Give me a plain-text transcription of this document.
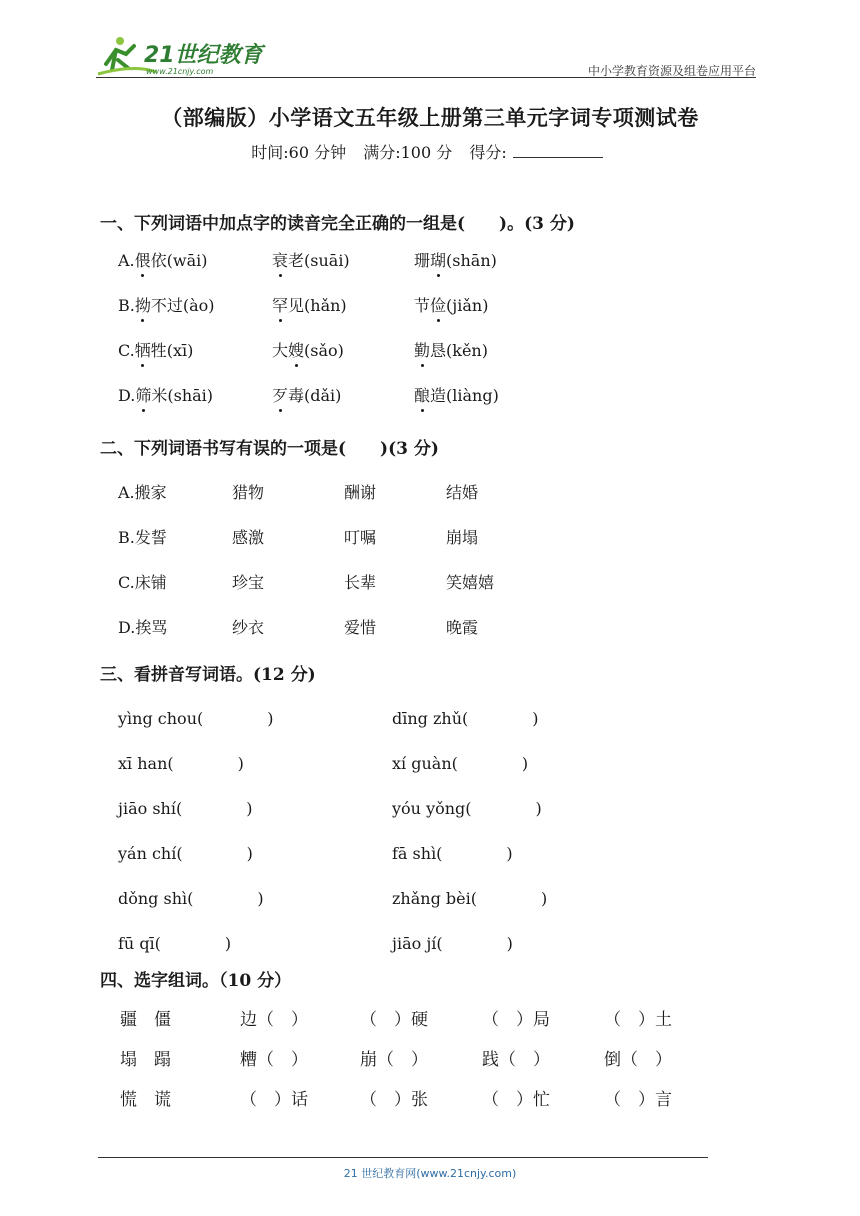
21世纪教育
www.21cnjy.com	中小学教育资源及组卷应用平台
（部编版）小学语文五年级上册第三单元字词专项测试卷
时间:60 分钟 满分:100 分 得分:
一、下列词语中加点字的读音完全正确的一组是(　　)。(3 分)
A.偎依(wāi)	衰老(suāi)	珊瑚(shān)
B.拗不过(ào)	罕见(hǎn)	节俭(jiǎn)
C.牺牲(xī)	大嫂(sǎo)	勤恳(kěn)
D.筛米(shāi)	歹毒(dǎi)	酿造(liàng)
二、下列词语书写有误的一项是(　　)(3 分)
A.搬家	猎物	酬谢	结婚
B.发誓	感激	叮嘱	崩塌
C.床铺	珍宝	长辈	笑嬉嬉
D.挨骂	纱衣	爱惜	晚霞
三、看拼音写词语。(12 分)
yìng chou(　　　　)	dīng zhǔ(　　　　)
xī han(　　　　)	xí guàn(　　　　)
jiāo shí(　　　　)	yóu yǒng(　　　　)
yán chí(　　　　)	fā shì(　　　　)
dǒng shì(　　　　)	zhǎng bèi(　　　　)
fū qī(　　　　)	jiāo jí(　　　　)
四、选字组词。（10 分）
疆　僵	边（　）	（　）硬	（　）局	（　）土
塌　蹋	糟（　）	崩（　）	践（　）	倒（　）
慌　谎	（　）话	（　）张	（　）忙	（　）言
21 世纪教育网(www.21cnjy.com)
